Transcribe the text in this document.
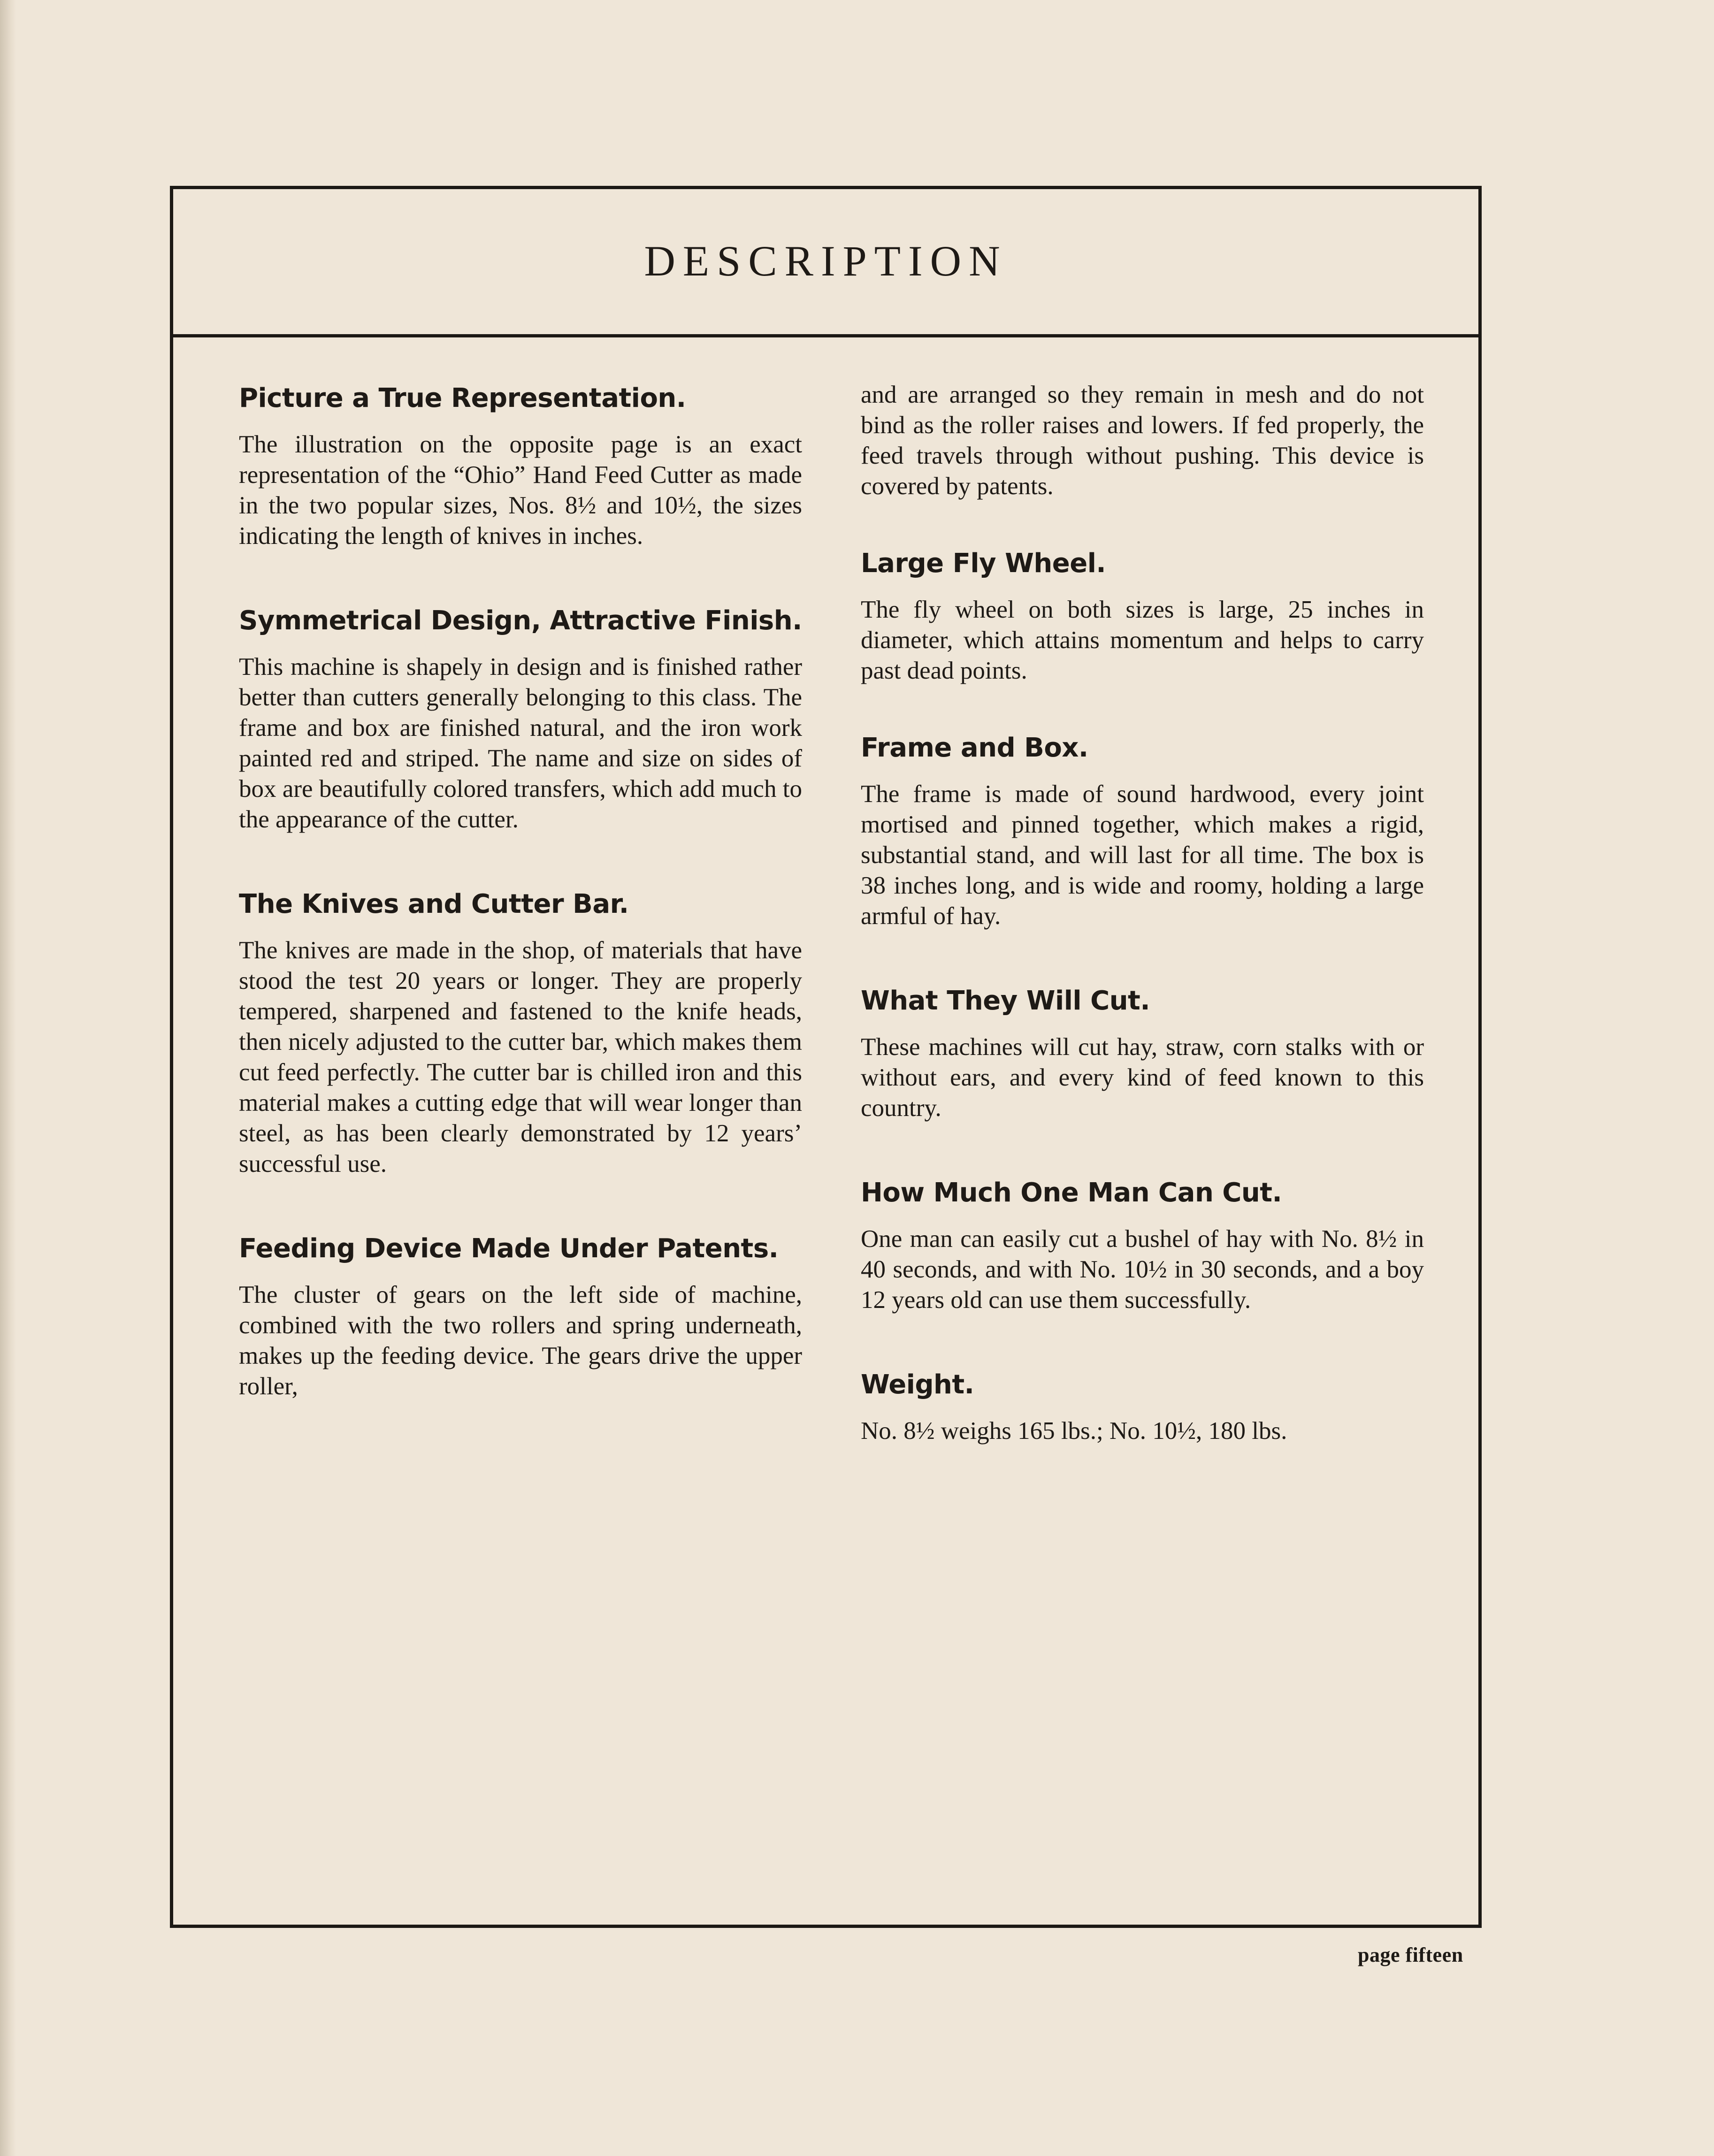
DESCRIPTION
Picture a True Representation.

The illustration on the opposite page is an exact representation of the “Ohio” Hand Feed Cutter as made in the two popular sizes, Nos. 8½ and 10½, the sizes indicating the length of knives in inches.

Symmetrical Design, Attractive Finish.

This machine is shapely in design and is finished rather better than cutters generally belonging to this class. The frame and box are finished natural, and the iron work painted red and striped. The name and size on sides of box are beautifully colored transfers, which add much to the appearance of the cutter.

The Knives and Cutter Bar.

The knives are made in the shop, of materials that have stood the test 20 years or longer. They are properly tempered, sharpened and fastened to the knife heads, then nicely adjusted to the cutter bar, which makes them cut feed perfectly. The cutter bar is chilled iron and this material makes a cutting edge that will wear longer than steel, as has been clearly demonstrated by 12 years’ successful use.

Feeding Device Made Under Patents.

The cluster of gears on the left side of machine, combined with the two rollers and spring underneath, makes up the feeding device. The gears drive the upper roller,

and are arranged so they remain in mesh and do not bind as the roller raises and lowers. If fed properly, the feed travels through without pushing. This device is covered by patents.

Large Fly Wheel.

The fly wheel on both sizes is large, 25 inches in diameter, which attains momentum and helps to carry past dead points.

Frame and Box.

The frame is made of sound hardwood, every joint mortised and pinned together, which makes a rigid, substantial stand, and will last for all time. The box is 38 inches long, and is wide and roomy, holding a large armful of hay.

What They Will Cut.

These machines will cut hay, straw, corn stalks with or without ears, and every kind of feed known to this country.

How Much One Man Can Cut.

One man can easily cut a bushel of hay with No. 8½ in 40 seconds, and with No. 10½ in 30 seconds, and a boy 12 years old can use them successfully.

Weight.

No. 8½ weighs 165 lbs.; No. 10½, 180 lbs.

page fifteen
